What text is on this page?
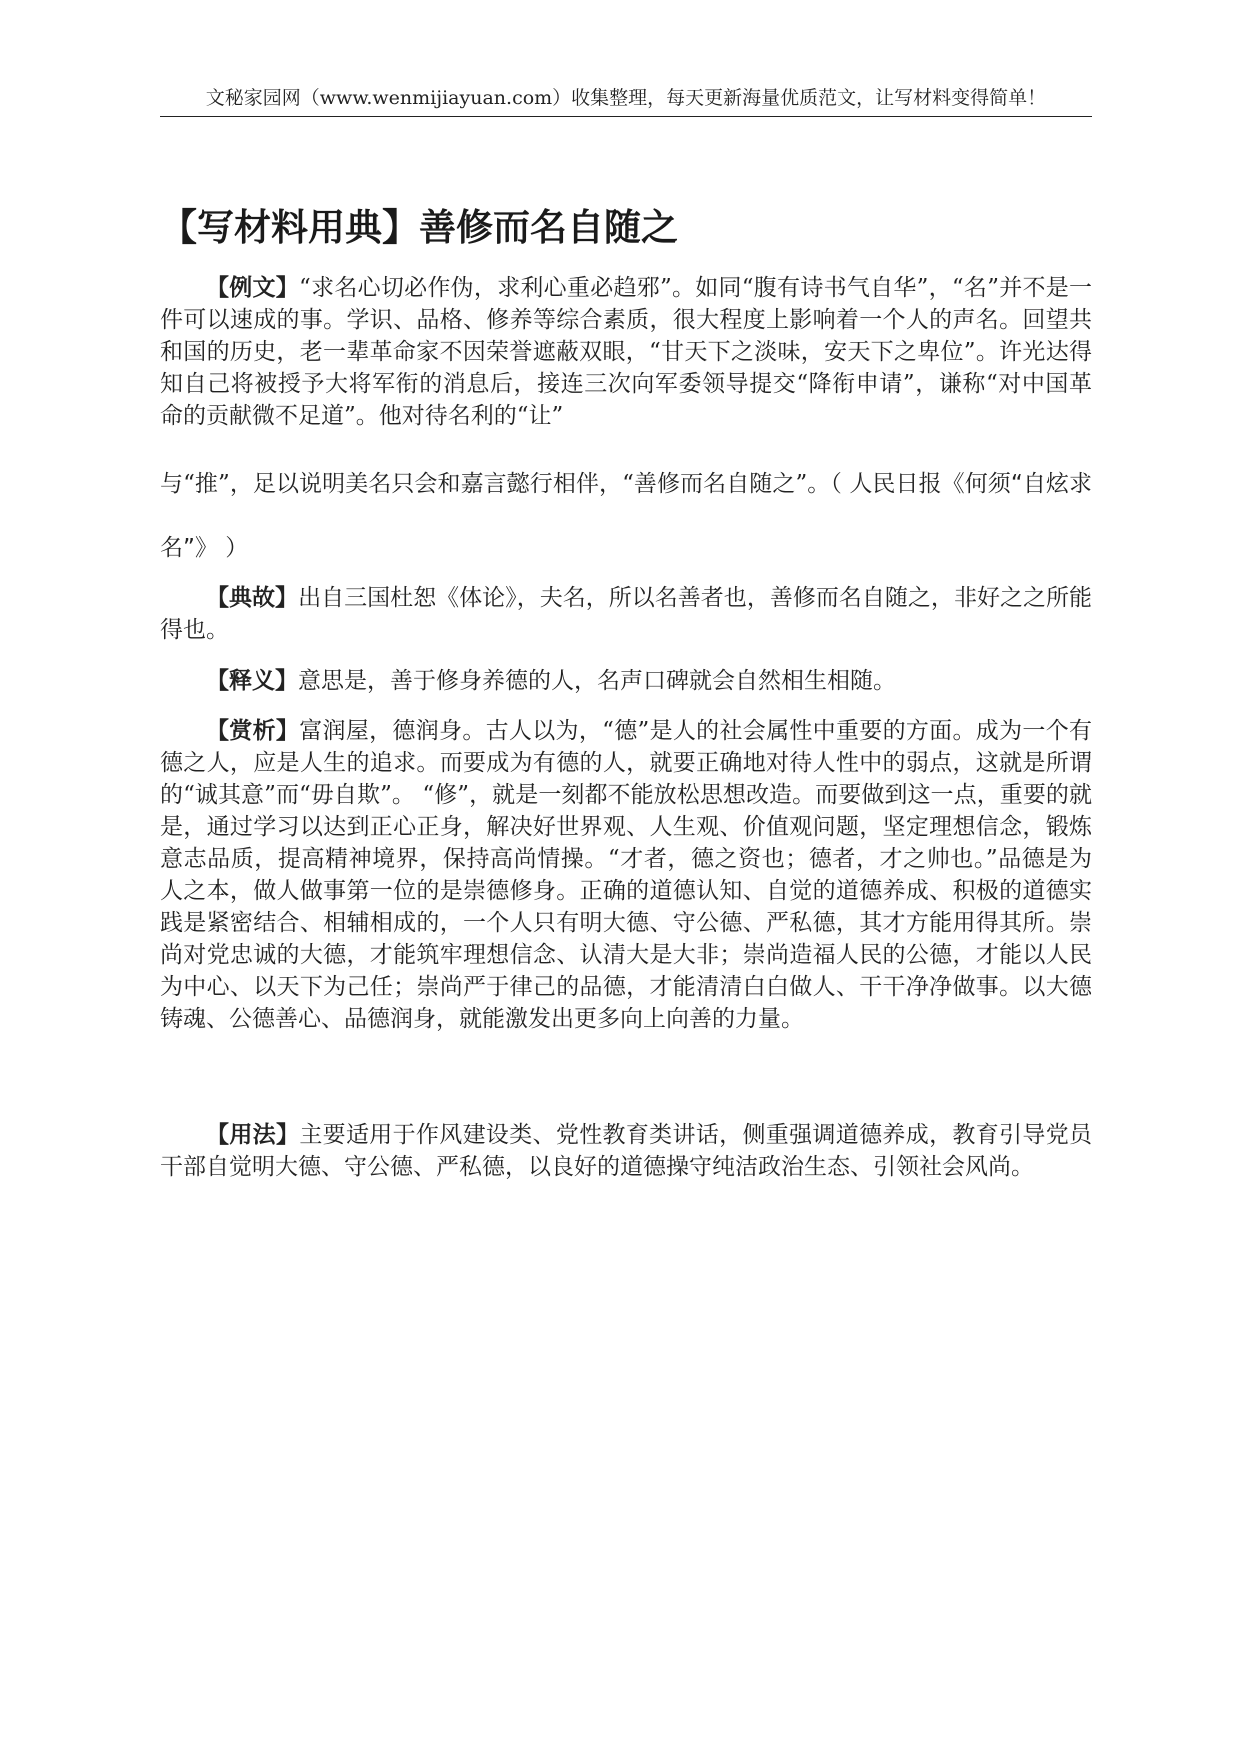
文秘家园网（www.wenmijiayuan.com）收集整理，每天更新海量优质范文，让写材料变得简单！
【写材料用典】善修而名自随之

【例文】“求名心切必作伪，求利心重必趋邪”。如同“腹有诗书气自华”，“名”并不是一件可以速成的事。学识、品格、修养等综合素质，很大程度上影响着一个人的声名。回望共和国的历史，老一辈革命家不因荣誉遮蔽双眼，“甘天下之淡味，安天下之卑位”。许光达得知自己将被授予大将军衔的消息后，接连三次向军委领导提交“降衔申请”，谦称“对中国革命的贡献微不足道”。他对待名利的“让”

与“推”，足以说明美名只会和嘉言懿行相伴，“善修而名自随之”。（ 人民日报《何须“自炫求名”》 ）

【典故】出自三国杜恕《体论》，夫名，所以名善者也，善修而名自随之，非好之之所能得也。

【释义】意思是，善于修身养德的人，名声口碑就会自然相生相随。

【赏析】富润屋，德润身。古人以为，“德”是人的社会属性中重要的方面。成为一个有德之人，应是人生的追求。而要成为有德的人，就要正确地对待人性中的弱点，这就是所谓的“诚其意”而“毋自欺”。 “修”，就是一刻都不能放松思想改造。而要做到这一点，重要的就是，通过学习以达到正心正身，解决好世界观、人生观、价值观问题，坚定理想信念，锻炼意志品质，提高精神境界，保持高尚情操。“才者，德之资也；德者，才之帅也。”品德是为人之本，做人做事第一位的是崇德修身。正确的道德认知、自觉的道德养成、积极的道德实践是紧密结合、相辅相成的，一个人只有明大德、守公德、严私德，其才方能用得其所。崇尚对党忠诚的大德，才能筑牢理想信念、认清大是大非；崇尚造福人民的公德，才能以人民为中心、以天下为己任；崇尚严于律己的品德，才能清清白白做人、干干净净做事。以大德铸魂、公德善心、品德润身，就能激发出更多向上向善的力量。

【用法】主要适用于作风建设类、党性教育类讲话，侧重强调道德养成，教育引导党员干部自觉明大德、守公德、严私德，以良好的道德操守纯洁政治生态、引领社会风尚。
